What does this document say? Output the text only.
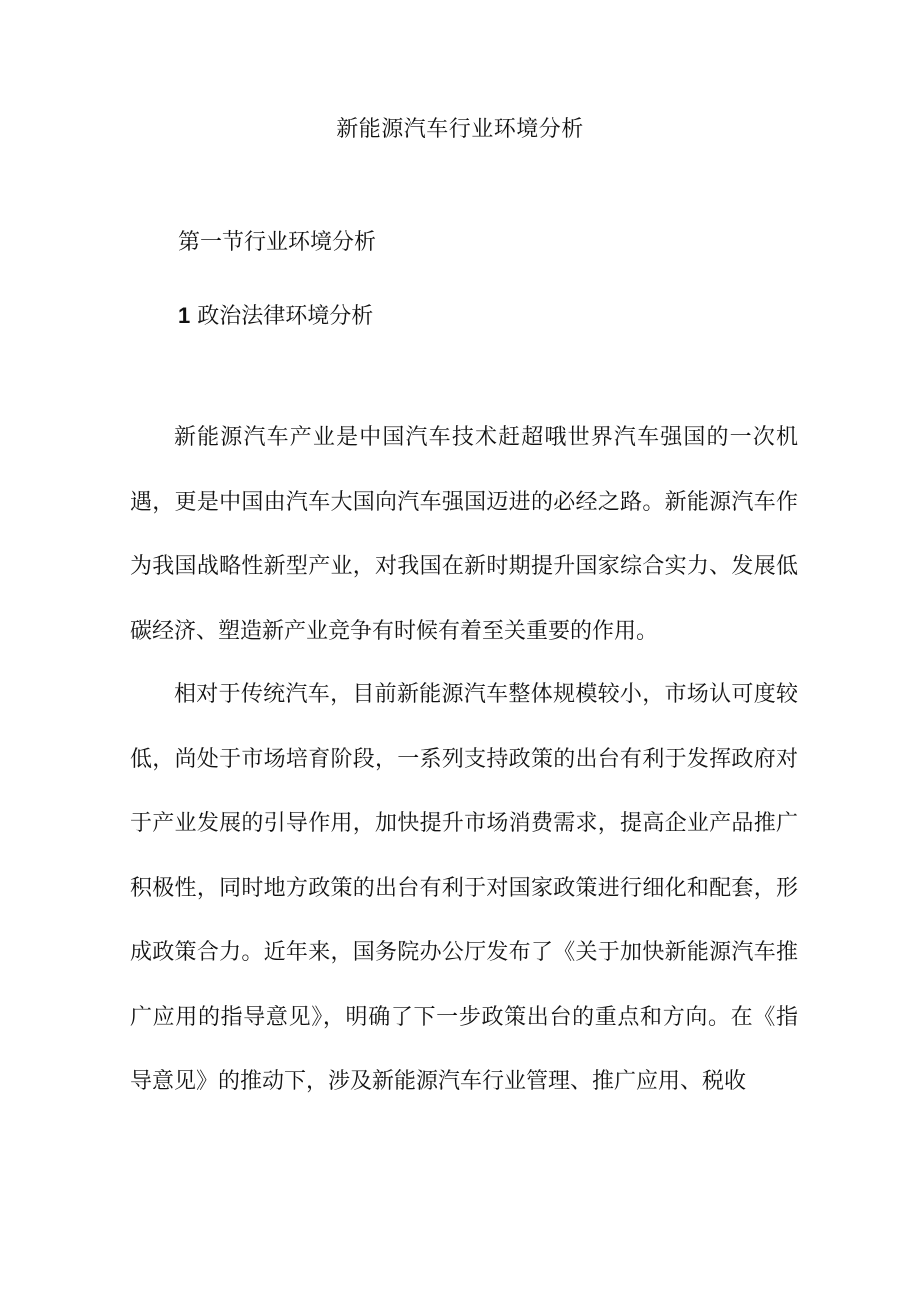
新能源汽车行业环境分析
第一节行业环境分析
1 政治法律环境分析

新能源汽车产业是中国汽车技术赶超哦世界汽车强国的一次机遇，更是中国由汽车大国向汽车强国迈进的必经之路。新能源汽车作为我国战略性新型产业，对我国在新时期提升国家综合实力、发展低碳经济、塑造新产业竞争有时候有着至关重要的作用。

相对于传统汽车，目前新能源汽车整体规模较小，市场认可度较低，尚处于市场培育阶段，一系列支持政策的出台有利于发挥政府对于产业发展的引导作用，加快提升市场消费需求，提高企业产品推广积极性，同时地方政策的出台有利于对国家政策进行细化和配套，形成政策合力。近年来，国务院办公厅发布了《关于加快新能源汽车推广应用的指导意见》，明确了下一步政策出台的重点和方向。在《指导意见》的推动下，涉及新能源汽车行业管理、推广应用、税收
